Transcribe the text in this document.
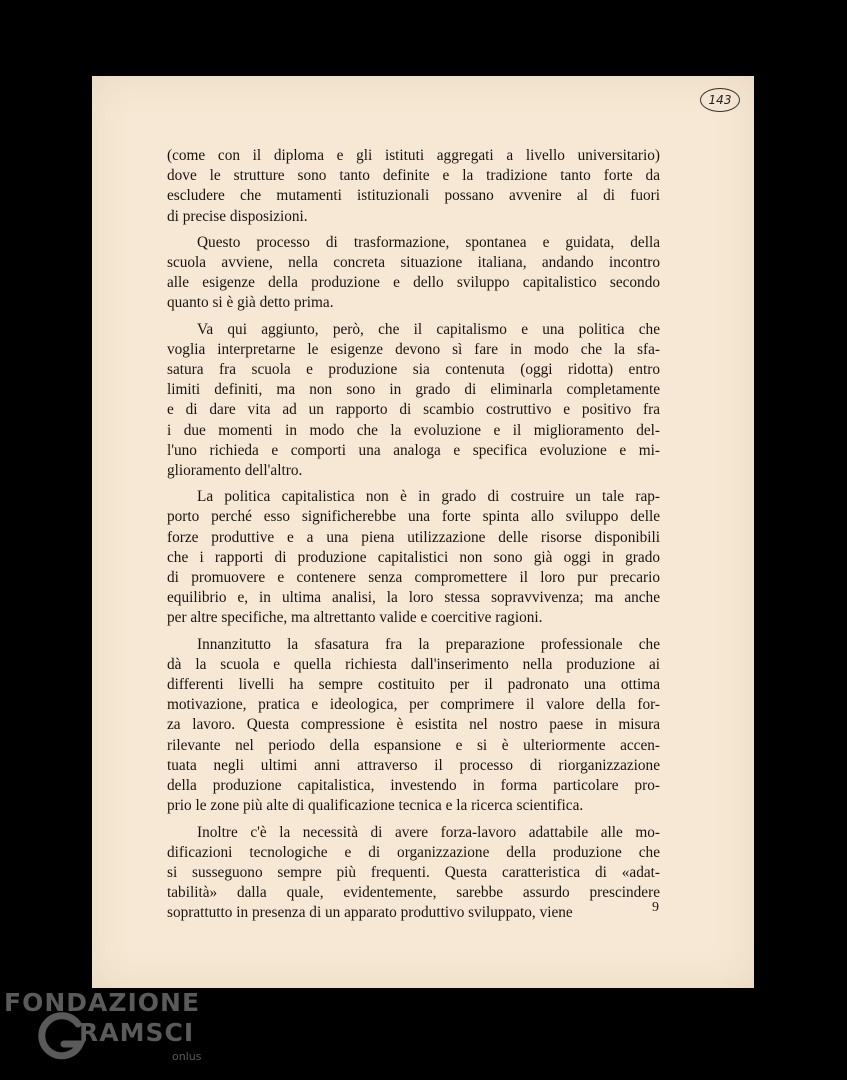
143

(come con il diploma e gli istituti aggregati a livello universitario)
dove le strutture sono tanto definite e la tradizione tanto forte da
escludere che mutamenti istituzionali possano avvenire al di fuori
di precise disposizioni.

Questo processo di trasformazione, spontanea e guidata, della
scuola avviene, nella concreta situazione italiana, andando incontro
alle esigenze della produzione e dello sviluppo capitalistico secondo
quanto si è già detto prima.

Va qui aggiunto, però, che il capitalismo e una politica che
voglia interpretarne le esigenze devono sì fare in modo che la sfa-
satura fra scuola e produzione sia contenuta (oggi ridotta) entro
limiti definiti, ma non sono in grado di eliminarla completamente
e di dare vita ad un rapporto di scambio costruttivo e positivo fra
i due momenti in modo che la evoluzione e il miglioramento del-
l'uno richieda e comporti una analoga e specifica evoluzione e mi-
glioramento dell'altro.

La politica capitalistica non è in grado di costruire un tale rap-
porto perché esso significherebbe una forte spinta allo sviluppo delle
forze produttive e a una piena utilizzazione delle risorse disponibili
che i rapporti di produzione capitalistici non sono già oggi in grado
di promuovere e contenere senza compromettere il loro pur precario
equilibrio e, in ultima analisi, la loro stessa sopravvivenza; ma anche
per altre specifiche, ma altrettanto valide e coercitive ragioni.

Innanzitutto la sfasatura fra la preparazione professionale che
dà la scuola e quella richiesta dall'inserimento nella produzione ai
differenti livelli ha sempre costituito per il padronato una ottima
motivazione, pratica e ideologica, per comprimere il valore della for-
za lavoro. Questa compressione è esistita nel nostro paese in misura
rilevante nel periodo della espansione e si è ulteriormente accen-
tuata negli ultimi anni attraverso il processo di riorganizzazione
della produzione capitalistica, investendo in forma particolare pro-
prio le zone più alte di qualificazione tecnica e la ricerca scientifica.

Inoltre c'è la necessità di avere forza-lavoro adattabile alle mo-
dificazioni tecnologiche e di organizzazione della produzione che
si susseguono sempre più frequenti. Questa caratteristica di «adat-
tabilità» dalla quale, evidentemente, sarebbe assurdo prescindere
soprattutto in presenza di un apparato produttivo sviluppato, viene	9
FONDAZIONE
RAMSCI
onlus
